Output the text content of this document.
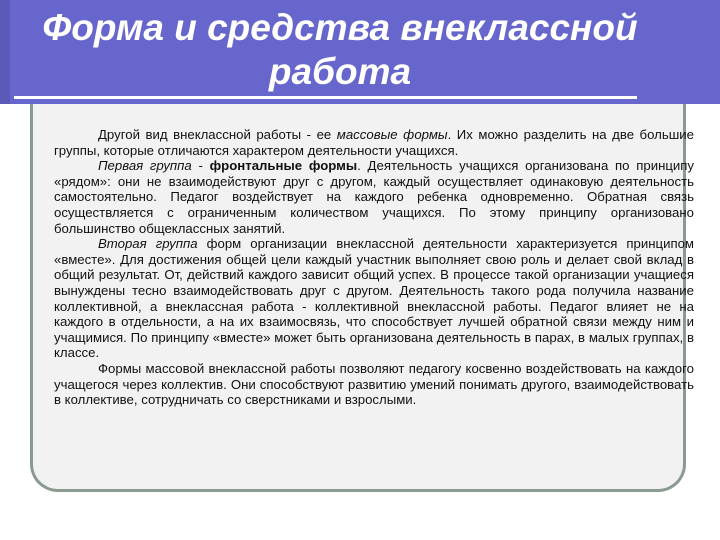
Форма и средства внеклассной
работа

Другой вид внеклассной работы - ее массовые формы. Их можно разделить на две большие группы, которые отличаются характером деятельности учащихся.

Первая группа - фронтальные формы. Деятельность учащихся организована по принципу «рядом»: они не взаимодействуют друг с другом, каждый осуществляет одинаковую деятельность самостоятельно. Педагог воздействует на каждого ребенка одновременно. Обратная связь осуществляется с ограниченным количеством учащихся. По этому принципу организовано большинство общеклассных занятий.

Вторая группа форм организации внеклассной деятельности характеризуется принципом «вместе». Для достижения общей цели каждый участник выполняет свою роль и делает свой вклад в общий результат. От, действий каждого зависит общий успех. В процессе такой организации учащиеся вынуждены тесно взаимодействовать друг с другом. Деятельность такого рода получила название коллективной, а внеклассная работа - коллективной внеклассной работы. Педагог влияет не на каждого в отдельности, а на их взаимосвязь, что способствует лучшей обратной связи между ним и учащимися. По принципу «вместе» может быть организована деятельность в парах, в малых группах, в классе.

Формы массовой внеклассной работы позволяют педагогу косвенно воздействовать на каждого учащегося через коллектив. Они способствуют развитию умений понимать другого, взаимодействовать в коллективе, сотрудничать со сверстниками и взрослыми.
